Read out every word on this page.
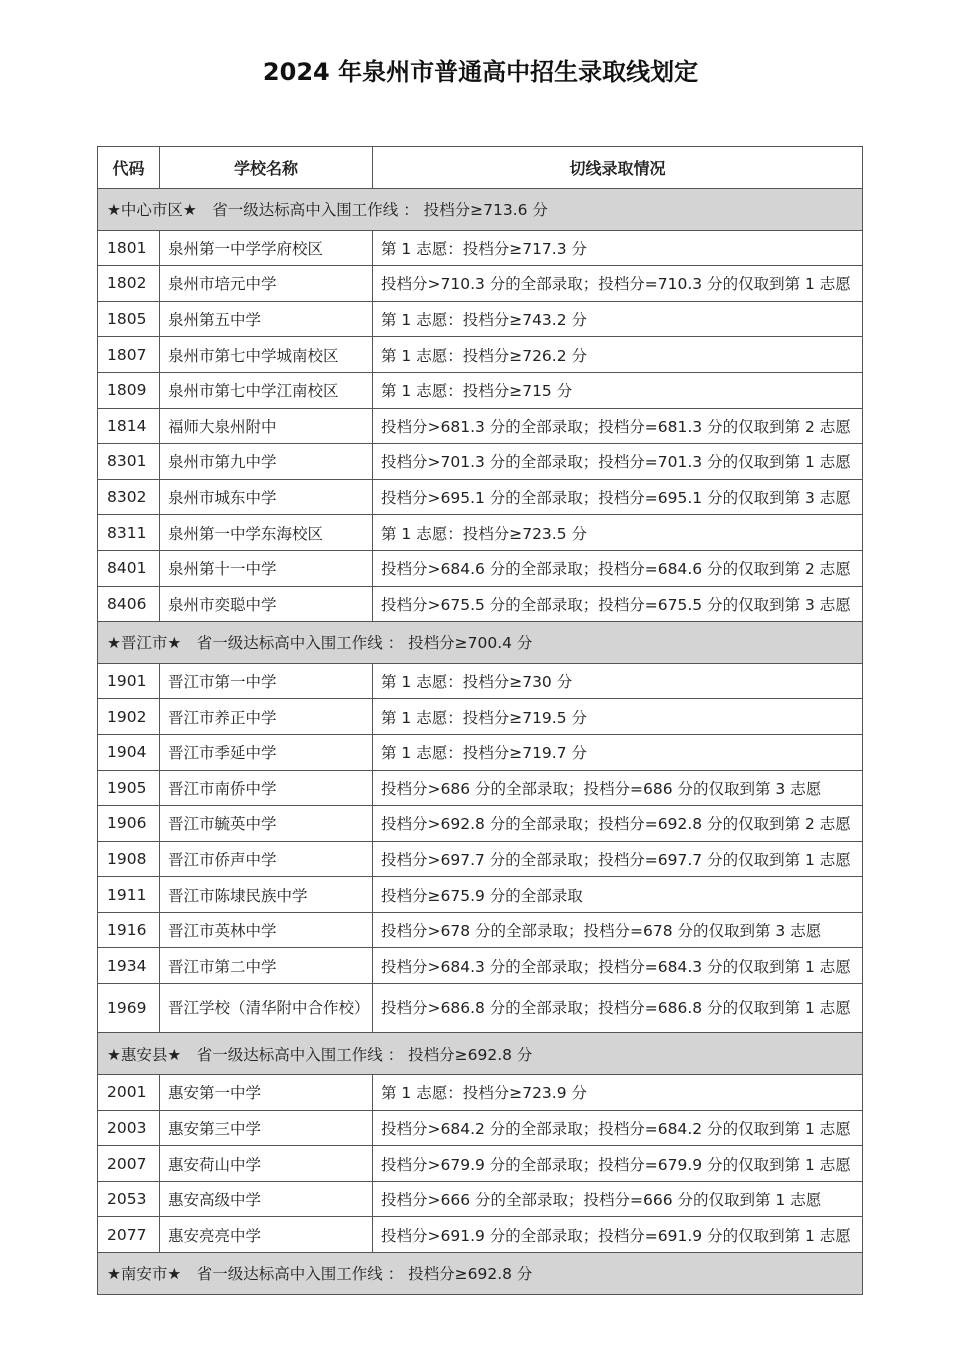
2024 年泉州市普通高中招生录取线划定
代码	学校名称	切线录取情况
★中心市区★　省一级达标高中入围工作线 ： 投档分≥713.6 分		
1801	泉州第一中学学府校区	第 1 志愿：投档分≥717.3 分
1802	泉州市培元中学	投档分>710.3 分的全部录取；投档分=710.3 分的仅取到第 1 志愿
1805	泉州第五中学	第 1 志愿：投档分≥743.2 分
1807	泉州市第七中学城南校区	第 1 志愿：投档分≥726.2 分
1809	泉州市第七中学江南校区	第 1 志愿：投档分≥715 分
1814	福师大泉州附中	投档分>681.3 分的全部录取；投档分=681.3 分的仅取到第 2 志愿
8301	泉州市第九中学	投档分>701.3 分的全部录取；投档分=701.3 分的仅取到第 1 志愿
8302	泉州市城东中学	投档分>695.1 分的全部录取；投档分=695.1 分的仅取到第 3 志愿
8311	泉州第一中学东海校区	第 1 志愿：投档分≥723.5 分
8401	泉州第十一中学	投档分>684.6 分的全部录取；投档分=684.6 分的仅取到第 2 志愿
8406	泉州市奕聪中学	投档分>675.5 分的全部录取；投档分=675.5 分的仅取到第 3 志愿
★晋江市★　省一级达标高中入围工作线 ： 投档分≥700.4 分		
1901	晋江市第一中学	第 1 志愿：投档分≥730 分
1902	晋江市养正中学	第 1 志愿：投档分≥719.5 分
1904	晋江市季延中学	第 1 志愿：投档分≥719.7 分
1905	晋江市南侨中学	投档分>686 分的全部录取；投档分=686 分的仅取到第 3 志愿
1906	晋江市毓英中学	投档分>692.8 分的全部录取；投档分=692.8 分的仅取到第 2 志愿
1908	晋江市侨声中学	投档分>697.7 分的全部录取；投档分=697.7 分的仅取到第 1 志愿
1911	晋江市陈埭民族中学	投档分≥675.9 分的全部录取
1916	晋江市英林中学	投档分>678 分的全部录取；投档分=678 分的仅取到第 3 志愿
1934	晋江市第二中学	投档分>684.3 分的全部录取；投档分=684.3 分的仅取到第 1 志愿
1969	晋江学校（清华附中合作校）	投档分>686.8 分的全部录取；投档分=686.8 分的仅取到第 1 志愿
★惠安县★　省一级达标高中入围工作线 ： 投档分≥692.8 分		
2001	惠安第一中学	第 1 志愿：投档分≥723.9 分
2003	惠安第三中学	投档分>684.2 分的全部录取；投档分=684.2 分的仅取到第 1 志愿
2007	惠安荷山中学	投档分>679.9 分的全部录取；投档分=679.9 分的仅取到第 1 志愿
2053	惠安高级中学	投档分>666 分的全部录取；投档分=666 分的仅取到第 1 志愿
2077	惠安亮亮中学	投档分>691.9 分的全部录取；投档分=691.9 分的仅取到第 1 志愿
★南安市★　省一级达标高中入围工作线 ： 投档分≥692.8 分		
